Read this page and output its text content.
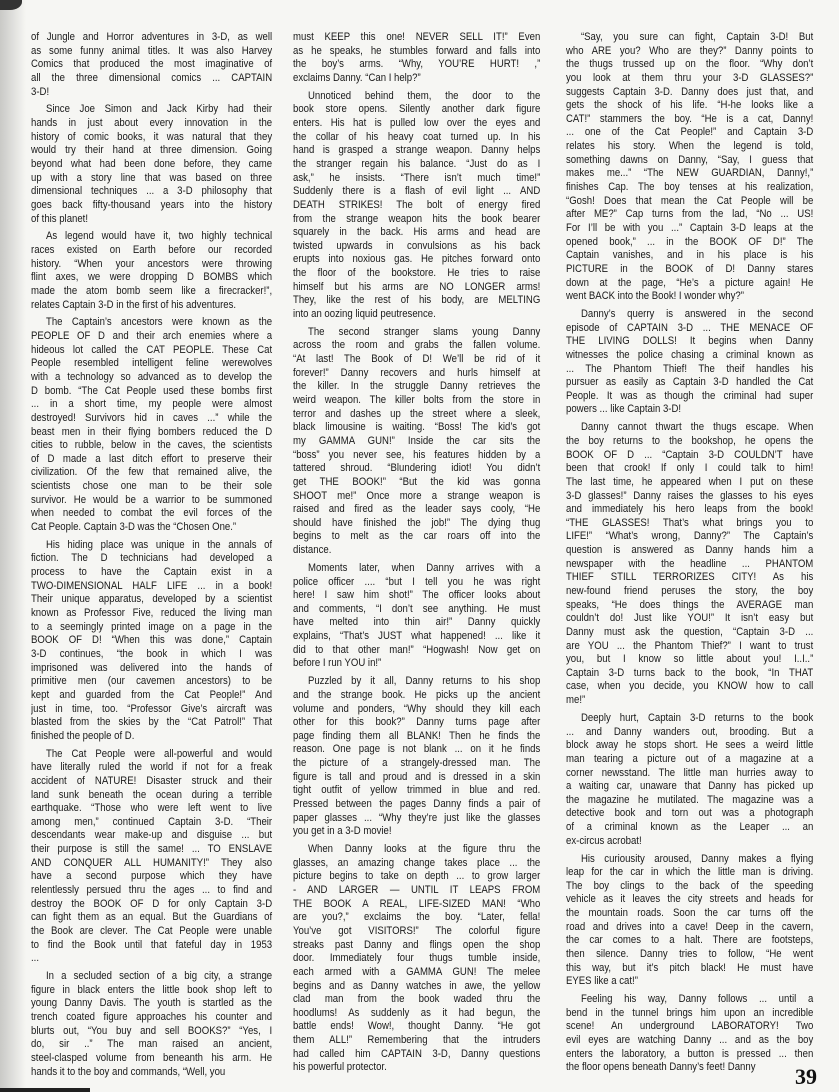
of Jungle and Horror adventures in 3-D, as well
as some funny animal titles. It was also Harvey
Comics that produced the most imaginative of
all the three dimensional comics ... CAPTAIN
3-D!
Since Joe Simon and Jack Kirby had their
hands in just about every innovation in the
history of comic books, it was natural that they
would try their hand at three dimension. Going
beyond what had been done before, they came
up with a story line that was based on three
dimensional techniques ... a 3-D philosophy that
goes back fifty-thousand years into the history
of this planet!
As legend would have it, two highly technical
races existed on Earth before our recorded
history. “When your ancestors were throwing
flint axes, we were dropping D BOMBS which
made the atom bomb seem like a firecracker!”,
relates Captain 3-D in the first of his adventures.
The Captain’s ancestors were known as the
PEOPLE OF D and their arch enemies where a
hideous lot called the CAT PEOPLE. These Cat
People resembled intelligent feline werewolves
with a technology so advanced as to develop the
D bomb. “The Cat People used these bombs first
... in a short time, my people were almost
destroyed! Survivors hid in caves ...” while the
beast men in their flying bombers reduced the D
cities to rubble, below in the caves, the scientists
of D made a last ditch effort to preserve their
civilization. Of the few that remained alive, the
scientists chose one man to be their sole
survivor. He would be a warrior to be summoned
when needed to combat the evil forces of the
Cat People. Captain 3-D was the “Chosen One.”
His hiding place was unique in the annals of
fiction. The D technicians had developed a
process to have the Captain exist in a
TWO-DIMENSIONAL HALF LIFE ... in a book!
Their unique apparatus, developed by a scientist
known as Professor Five, reduced the living man
to a seemingly printed image on a page in the
BOOK OF D! “When this was done,” Captain
3-D continues, “the book in which I was
imprisoned was delivered into the hands of
primitive men (our cavemen ancestors) to be
kept and guarded from the Cat People!” And
just in time, too. “Professor Give’s aircraft was
blasted from the skies by the “Cat Patrol!” That
finished the people of D.
The Cat People were all-powerful and would
have literally ruled the world if not for a freak
accident of NATURE! Disaster struck and their
land sunk beneath the ocean during a terrible
earthquake. “Those who were left went to live
among men,” continued Captain 3-D. “Their
descendants wear make-up and disguise ... but
their purpose is still the same! ... TO ENSLAVE
AND CONQUER ALL HUMANITY!” They also
have a second purpose which they have
relentlessly persued thru the ages ... to find and
destroy the BOOK OF D for only Captain 3-D
can fight them as an equal. But the Guardians of
the Book are clever. The Cat People were unable
to find the Book until that fateful day in 1953
...
In a secluded section of a big city, a strange
figure in black enters the little book shop left to
young Danny Davis. The youth is startled as the
trench coated figure approaches his counter and
blurts out, “You buy and sell BOOKS?” “Yes, I
do, sir ..” The man raised an ancient,
steel-clasped volume from beneanth his arm. He
hands it to the boy and commands, “Well, you
must KEEP this one! NEVER SELL IT!” Even
as he speaks, he stumbles forward and falls into
the boy’s arms. “Why, YOU’RE HURT! ,”
exclaims Danny. “Can I help?”
Unnoticed behind them, the door to the
book store opens. Silently another dark figure
enters. His hat is pulled low over the eyes and
the collar of his heavy coat turned up. In his
hand is grasped a strange weapon. Danny helps
the stranger regain his balance. “Just do as I
ask,” he insists. “There isn’t much time!”
Suddenly there is a flash of evil light ... AND
DEATH STRIKES! The bolt of energy fired
from the strange weapon hits the book bearer
squarely in the back. His arms and head are
twisted upwards in convulsions as his back
erupts into noxious gas. He pitches forward onto
the floor of the bookstore. He tries to raise
himself but his arms are NO LONGER arms!
They, like the rest of his body, are MELTING
into an oozing liquid peutresence.
The second stranger slams young Danny
across the room and grabs the fallen volume.
“At last! The Book of D! We’ll be rid of it
forever!” Danny recovers and hurls himself at
the killer. In the struggle Danny retrieves the
weird weapon. The killer bolts from the store in
terror and dashes up the street where a sleek,
black limousine is waiting. “Boss! The kid’s got
my GAMMA GUN!” Inside the car sits the
“boss” you never see, his features hidden by a
tattered shroud. “Blundering idiot! You didn’t
get THE BOOK!” “But the kid was gonna
SHOOT me!” Once more a strange weapon is
raised and fired as the leader says cooly, “He
should have finished the job!” The dying thug
begins to melt as the car roars off into the
distance.
Moments later, when Danny arrives with a
police officer .... “but I tell you he was right
here! I saw him shot!” The officer looks about
and comments, “I don’t see anything. He must
have melted into thin air!” Danny quickly
explains, “That’s JUST what happened! ... like it
did to that other man!” “Hogwash! Now get on
before I run YOU in!”
Puzzled by it all, Danny returns to his shop
and the strange book. He picks up the ancient
volume and ponders, “Why should they kill each
other for this book?” Danny turns page after
page finding them all BLANK! Then he finds the
reason. One page is not blank ... on it he finds
the picture of a strangely-dressed man. The
figure is tall and proud and is dressed in a skin
tight outfit of yellow trimmed in blue and red.
Pressed between the pages Danny finds a pair of
paper glasses ... “Why they’re just like the glasses
you get in a 3-D movie!
When Danny looks at the figure thru the
glasses, an amazing change takes place ... the
picture begins to take on depth ... to grow larger
- AND LARGER — UNTIL IT LEAPS FROM
THE BOOK A REAL, LIFE-SIZED MAN! “Who
are you?,” exclaims the boy. “Later, fella!
You’ve got VISITORS!” The colorful figure
streaks past Danny and flings open the shop
door. Immediately four thugs tumble inside,
each armed with a GAMMA GUN! The melee
begins and as Danny watches in awe, the yellow
clad man from the book waded thru the
hoodlums! As suddenly as it had begun, the
battle ends! Wow!, thought Danny. “He got
them ALL!” Remembering that the intruders
had called him CAPTAIN 3-D, Danny questions
his powerful protector.
“Say, you sure can fight, Captain 3-D! But
who ARE you? Who are they?” Danny points to
the thugs trussed up on the floor. “Why don’t
you look at them thru your 3-D GLASSES?”
suggests Captain 3-D. Danny does just that, and
gets the shock of his life. “H-he looks like a
CAT!” stammers the boy. “He is a cat, Danny!
... one of the Cat People!” and Captain 3-D
relates his story. When the legend is told,
something dawns on Danny, “Say, I guess that
makes me...” “The NEW GUARDIAN, Danny!,”
finishes Cap. The boy tenses at his realization,
“Gosh! Does that mean the Cat People will be
after ME?” Cap turns from the lad, “No ... US!
For I’ll be with you ...” Captain 3-D leaps at the
opened book,” ... in the BOOK OF D!” The
Captain vanishes, and in his place is his
PICTURE in the BOOK of D! Danny stares
down at the page, “He’s a picture again! He
went BACK into the Book! I wonder why?”
Danny’s querry is answered in the second
episode of CAPTAIN 3-D ... THE MENACE OF
THE LIVING DOLLS! It begins when Danny
witnesses the police chasing a criminal known as
... The Phantom Thief! The theif handles his
pursuer as easily as Captain 3-D handled the Cat
People. It was as though the criminal had super
powers ... like Captain 3-D!
Danny cannot thwart the thugs escape. When
the boy returns to the bookshop, he opens the
BOOK OF D ... “Captain 3-D COULDN’T have
been that crook! If only I could talk to him!
The last time, he appeared when I put on these
3-D glasses!” Danny raises the glasses to his eyes
and immediately his hero leaps from the book!
“THE GLASSES! That’s what brings you to
LIFE!” “What’s wrong, Danny?” The Captain’s
question is answered as Danny hands him a
newspaper with the headline ... PHANTOM
THIEF STILL TERRORIZES CITY! As his
new-found friend peruses the story, the boy
speaks, “He does things the AVERAGE man
couldn’t do! Just like YOU!” It isn’t easy but
Danny must ask the question, “Captain 3-D ...
are YOU ... the Phantom Thief?” I want to trust
you, but I know so little about you! I..I..”
Captain 3-D turns back to the book, “In THAT
case, when you decide, you KNOW how to call
me!”
Deeply hurt, Captain 3-D returns to the book
... and Danny wanders out, brooding. But a
block away he stops short. He sees a weird little
man tearing a picture out of a magazine at a
corner newsstand. The little man hurries away to
a waiting car, unaware that Danny has picked up
the magazine he mutilated. The magazine was a
detective book and torn out was a photograph
of a criminal known as the Leaper ... an
ex-circus acrobat!
His curiousity aroused, Danny makes a flying
leap for the car in which the little man is driving.
The boy clings to the back of the speeding
vehicle as it leaves the city streets and heads for
the mountain roads. Soon the car turns off the
road and drives into a cave! Deep in the cavern,
the car comes to a halt. There are footsteps,
then silence. Danny tries to follow, “He went
this way, but it’s pitch black! He must have
EYES like a cat!”
Feeling his way, Danny follows ... until a
bend in the tunnel brings him upon an incredible
scene! An underground LABORATORY! Two
evil eyes are watching Danny ... and as the boy
enters the laboratory, a button is pressed ... then
the floor opens beneath Danny’s feet! Danny	39
